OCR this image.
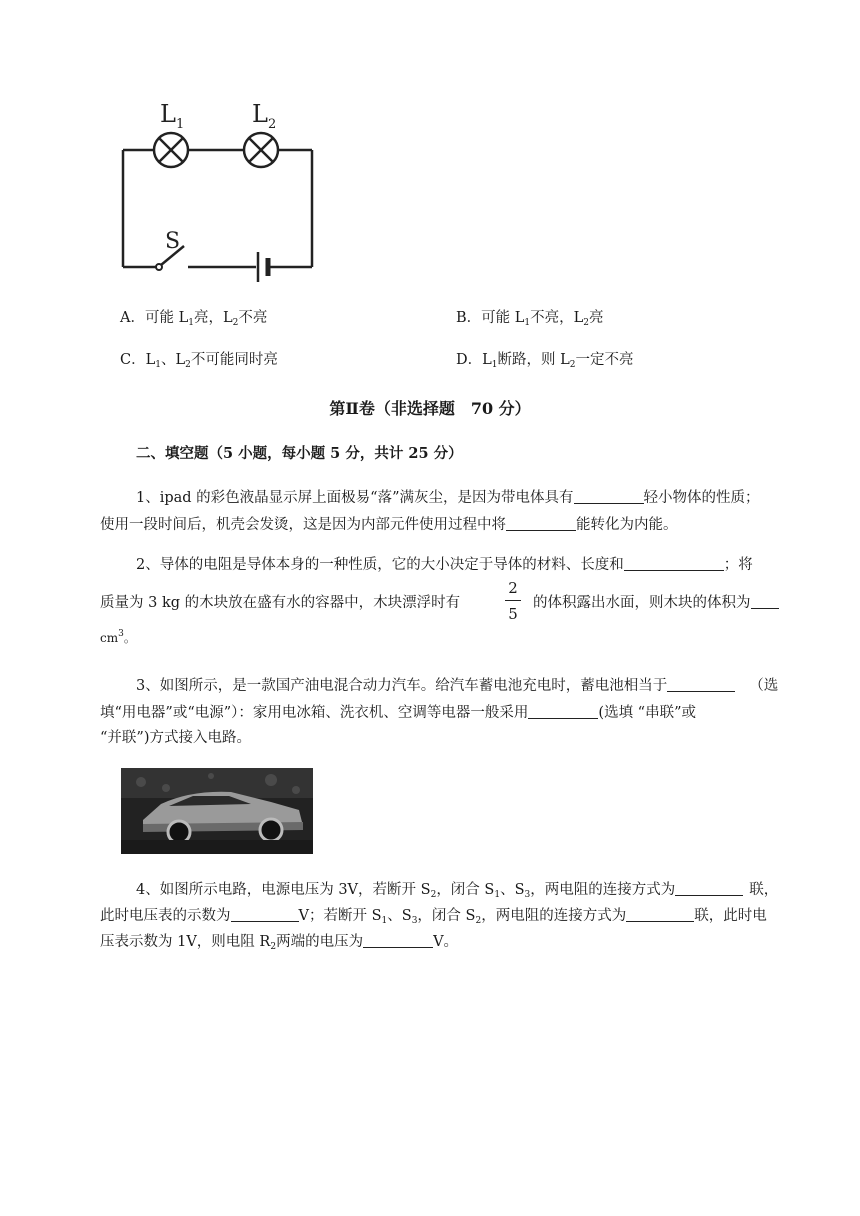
$L_1$	$L_2$
S
A．可能 $L_1$亮，$L_2$不亮	B．可能 $L_1$不亮，$L_2$亮
C．$L_1$、$L_2$不可能同时亮	D．$L_1$断路，则 $L_2$一定不亮
第Ⅱ卷（非选择题　70 分）
二、填空题（5 小题，每小题 5 分，共计 25 分）
1、ipad 的彩色液晶显示屏上面极易“落”满灰尘，是因为带电体具有	轻小物体的性质；
使用一段时间后，机壳会发烫，这是因为内部元件使用过程中将	能转化为内能。
2、导体的电阻是导体本身的一种性质，它的大小决定于导体的材料、长度和	；将
质量为 3 kg 的木块放在盛有水的容器中，木块漂浮时有
2
5
的体积露出水面，则木块的体积为
$cm^3$。
3、如图所示，是一款国产油电混合动力汽车。给汽车蓄电池充电时，蓄电池相当于	（选
填“用电器”或“电源”）：家用电冰箱、洗衣机、空调等电器一般采用	(选填 “串联”或
“并联”)方式接入电路。
4、如图所示电路，电源电压为 3V，若断开 $S_2$，闭合 $S_1$、$S_3$，两电阻的连接方式为	联，
此时电压表的示数为	V；若断开 $S_1$、$S_3$，闭合 $S_2$，两电阻的连接方式为	联，此时电
压表示数为 1V，则电阻 $R_2$两端的电压为	V。
